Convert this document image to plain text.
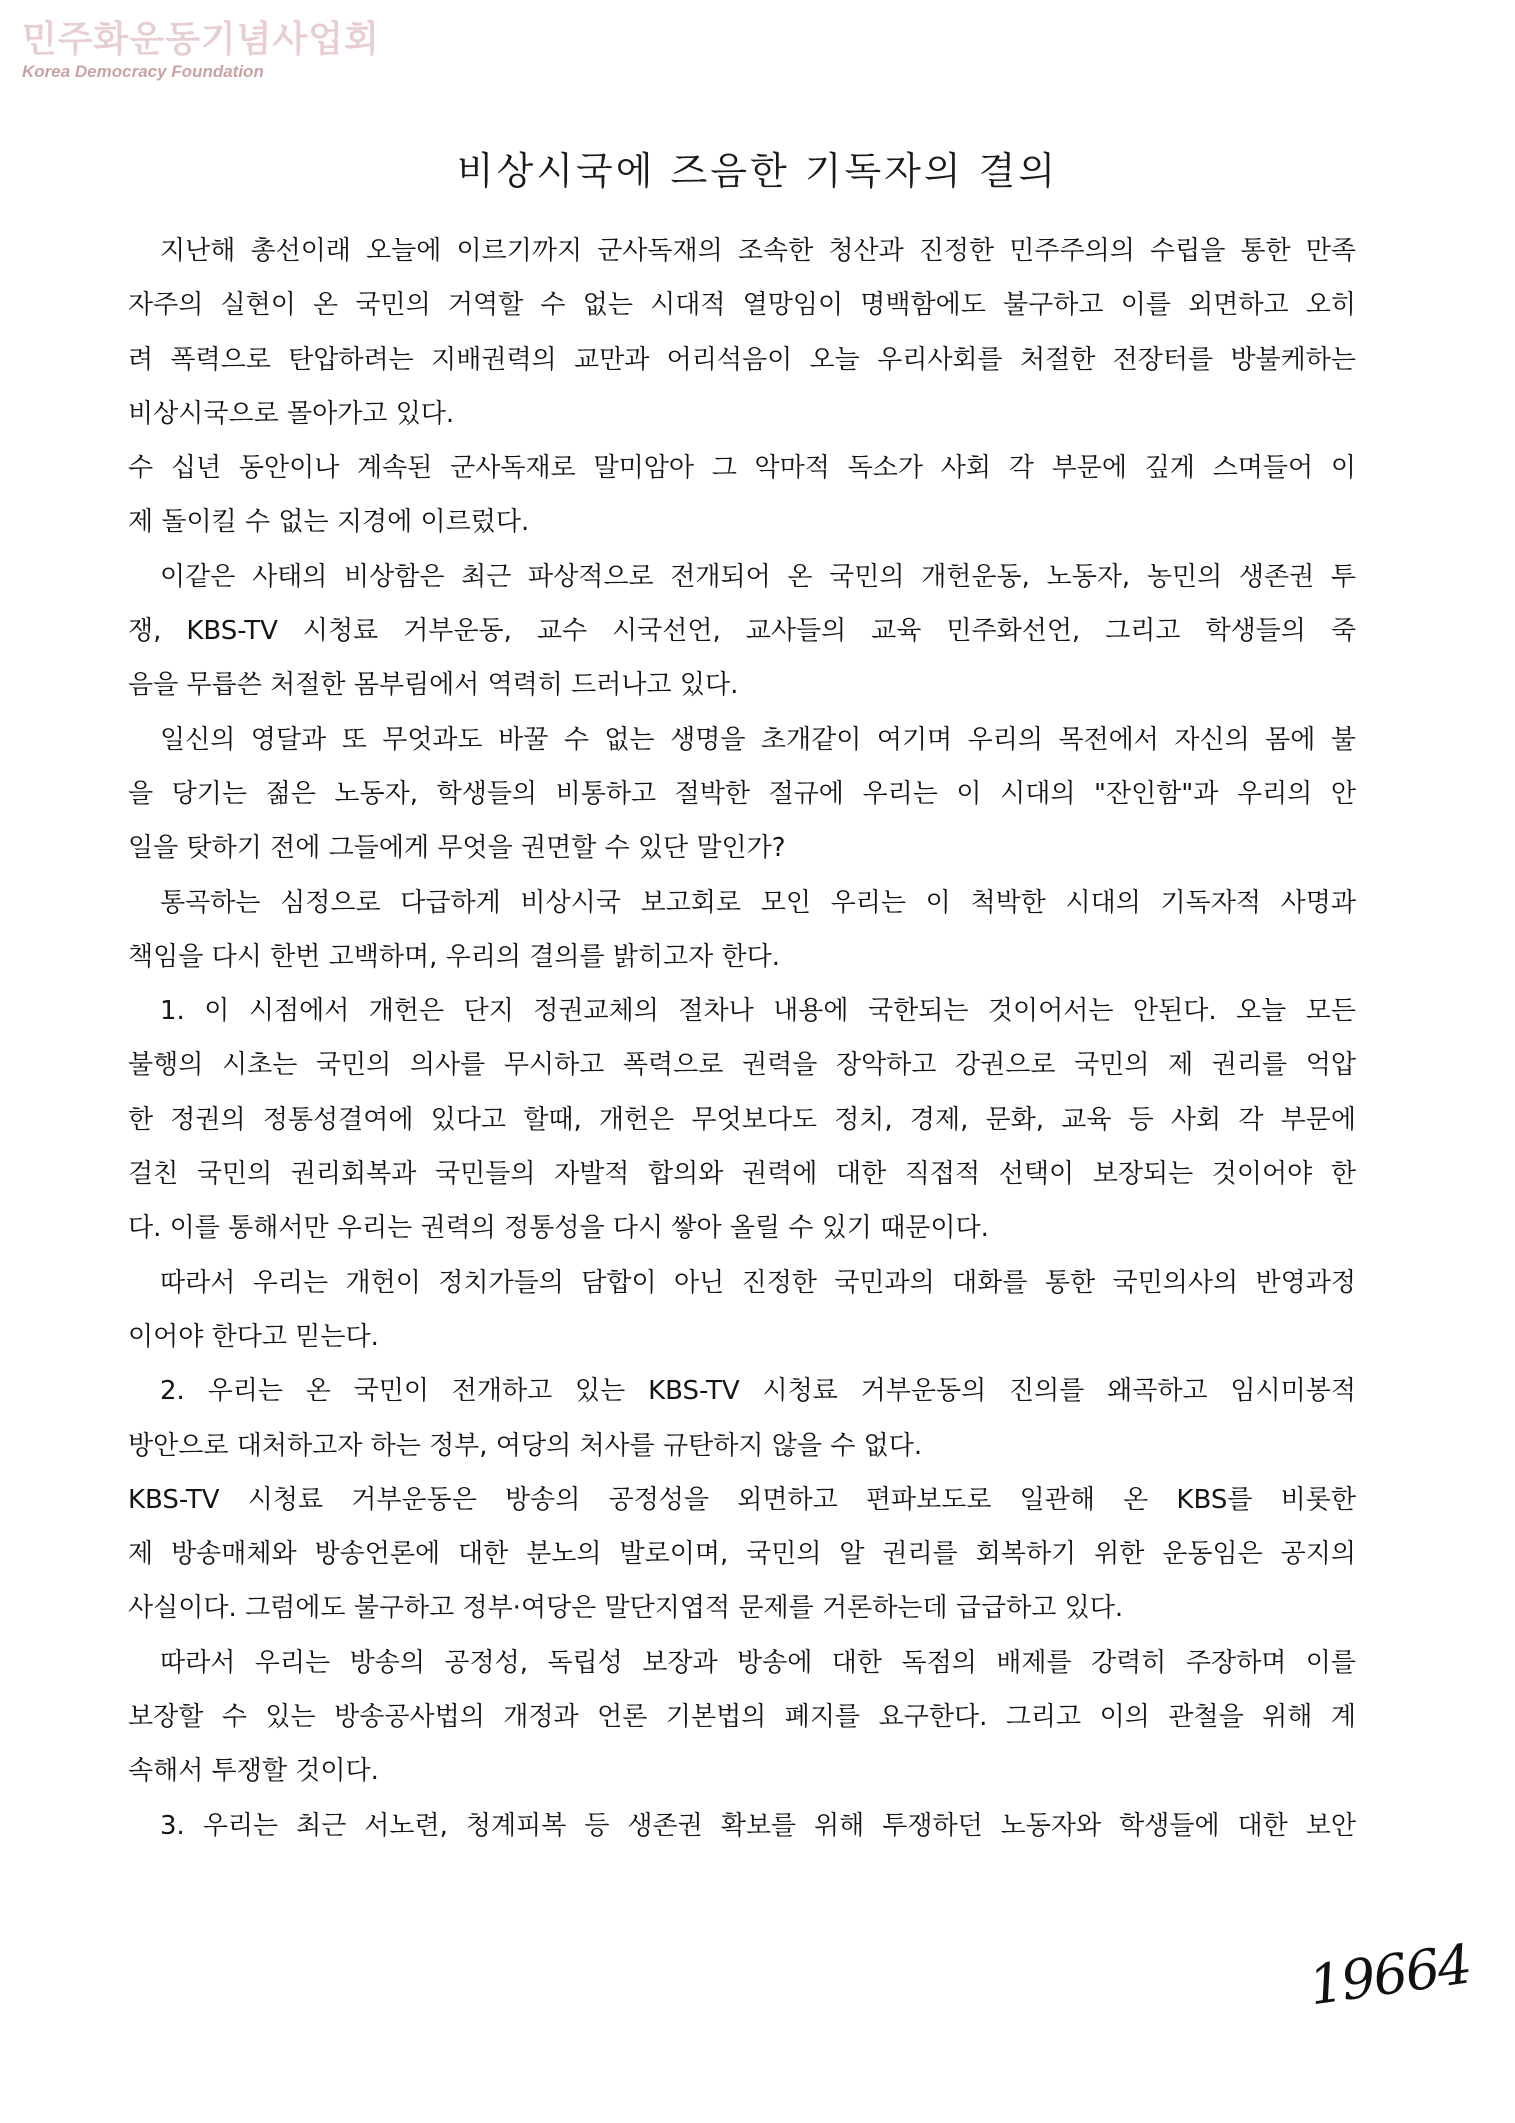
민주화운동기념사업회
Korea Democracy Foundation
비상시국에 즈음한 기독자의 결의
지난해 총선이래 오늘에 이르기까지 군사독재의 조속한 청산과 진정한 민주주의의 수립을 통한 만족
자주의 실현이 온 국민의 거역할 수 없는 시대적 열망임이 명백함에도 불구하고 이를 외면하고 오히
려 폭력으로 탄압하려는 지배권력의 교만과 어리석음이 오늘 우리사회를 처절한 전장터를 방불케하는
비상시국으로 몰아가고 있다.
수 십년 동안이나 계속된 군사독재로 말미암아 그 악마적 독소가 사회 각 부문에 깊게 스며들어 이
제 돌이킬 수 없는 지경에 이르렀다.
이같은 사태의 비상함은 최근 파상적으로 전개되어 온 국민의 개헌운동, 노동자, 농민의 생존권 투
쟁, KBS-TV 시청료 거부운동, 교수 시국선언, 교사들의 교육 민주화선언, 그리고 학생들의 죽
음을 무릅쓴 처절한 몸부림에서 역력히 드러나고 있다.
일신의 영달과 또 무엇과도 바꿀 수 없는 생명을 초개같이 여기며 우리의 목전에서 자신의 몸에 불
을 당기는 젊은 노동자, 학생들의 비통하고 절박한 절규에 우리는 이 시대의 "잔인함"과 우리의 안
일을 탓하기 전에 그들에게 무엇을 권면할 수 있단 말인가?
통곡하는 심정으로 다급하게 비상시국 보고회로 모인 우리는 이 척박한 시대의 기독자적 사명과
책임을 다시 한번 고백하며, 우리의 결의를 밝히고자 한다.
1. 이 시점에서 개헌은 단지 정권교체의 절차나 내용에 국한되는 것이어서는 안된다. 오늘 모든
불행의 시초는 국민의 의사를 무시하고 폭력으로 권력을 장악하고 강권으로 국민의 제 권리를 억압
한 정권의 정통성결여에 있다고 할때, 개헌은 무엇보다도 정치, 경제, 문화, 교육 등 사회 각 부문에
걸친 국민의 권리회복과 국민들의 자발적 합의와 권력에 대한 직접적 선택이 보장되는 것이어야 한
다. 이를 통해서만 우리는 권력의 정통성을 다시 쌓아 올릴 수 있기 때문이다.
따라서 우리는 개헌이 정치가들의 담합이 아닌 진정한 국민과의 대화를 통한 국민의사의 반영과정
이어야 한다고 믿는다.
2. 우리는 온 국민이 전개하고 있는 KBS-TV 시청료 거부운동의 진의를 왜곡하고 임시미봉적
방안으로 대처하고자 하는 정부, 여당의 처사를 규탄하지 않을 수 없다.
KBS-TV 시청료 거부운동은 방송의 공정성을 외면하고 편파보도로 일관해 온 KBS를 비롯한
제 방송매체와 방송언론에 대한 분노의 발로이며, 국민의 알 권리를 회복하기 위한 운동임은 공지의
사실이다. 그럼에도 불구하고 정부·여당은 말단지엽적 문제를 거론하는데 급급하고 있다.
따라서 우리는 방송의 공정성, 독립성 보장과 방송에 대한 독점의 배제를 강력히 주장하며 이를
보장할 수 있는 방송공사법의 개정과 언론 기본법의 폐지를 요구한다. 그리고 이의 관철을 위해 계
속해서 투쟁할 것이다.
3. 우리는 최근 서노련, 청계피복 등 생존권 확보를 위해 투쟁하던 노동자와 학생들에 대한 보안
19664
